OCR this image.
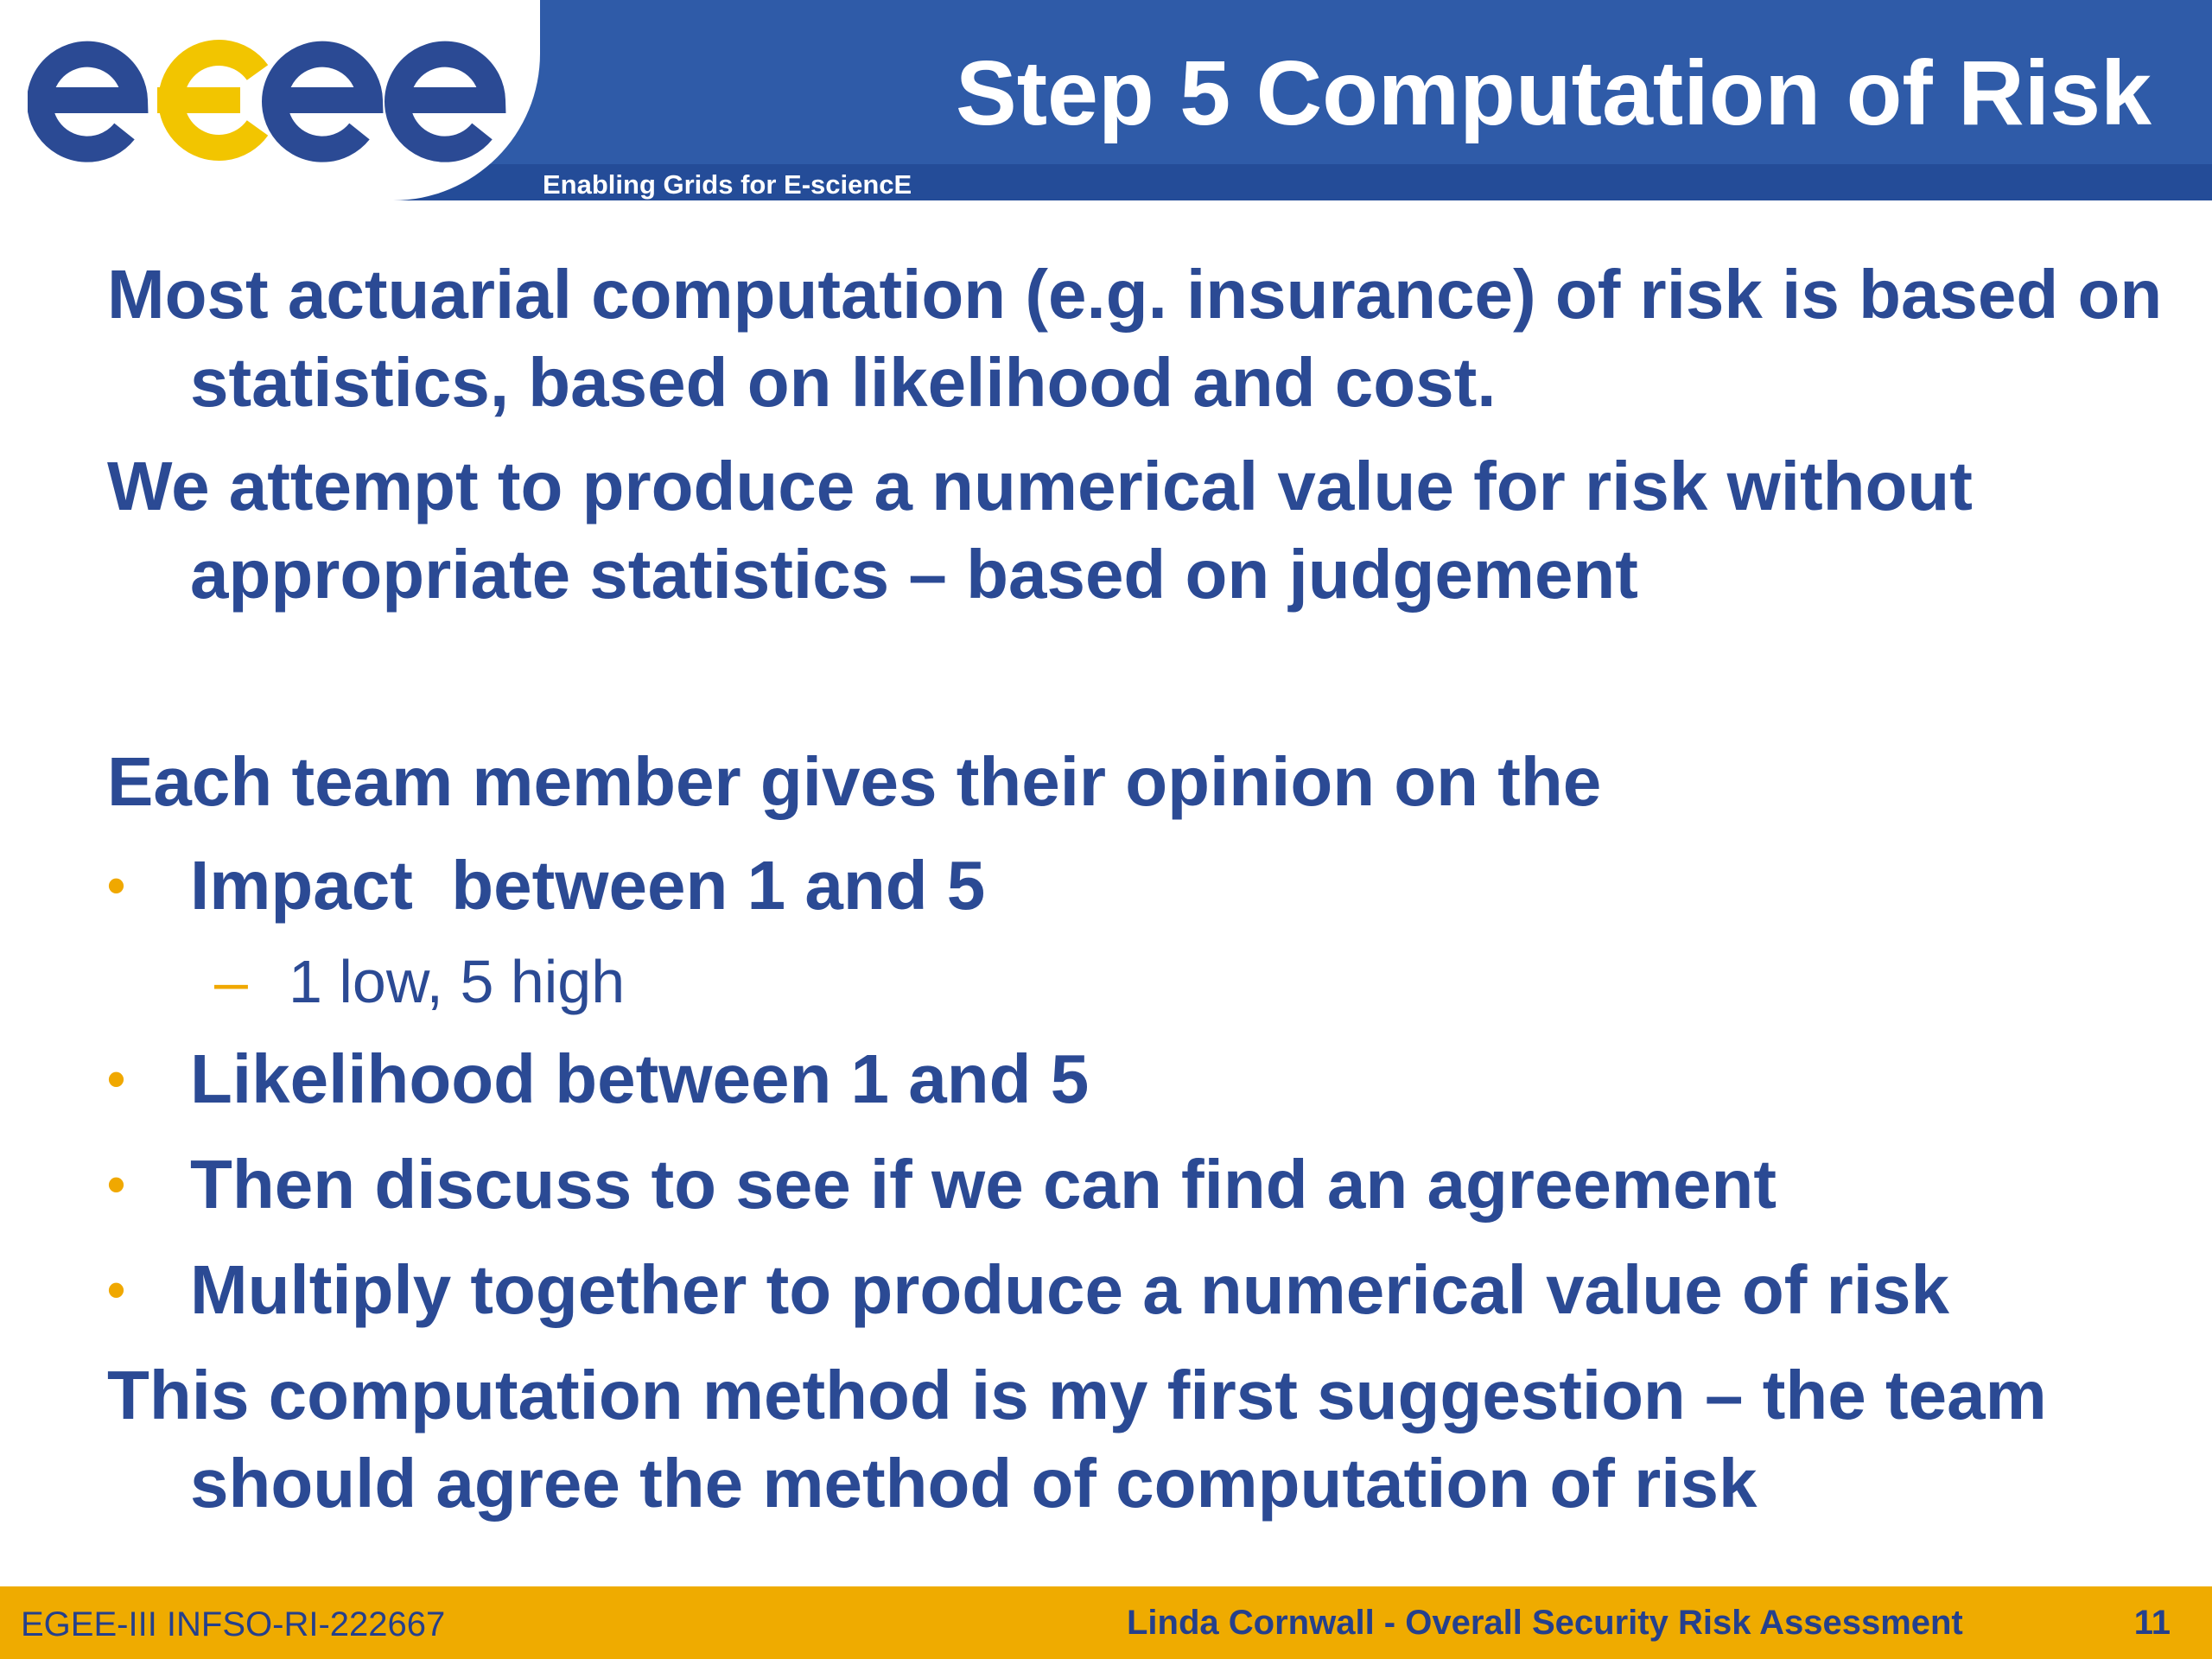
Enabling Grids for E-sciencE
Step 5 Computation of Risk

Most actuarial computation (e.g. insurance) of risk is based on statistics, based on likelihood and cost.

We attempt to produce a numerical value for risk without appropriate statistics – based on judgement

Each team member gives their opinion on the

• Impact  between 1 and 5
– 1 low, 5 high
• Likelihood between 1 and 5
• Then discuss to see if we can find an agreement
• Multiply together to produce a numerical value of risk

This computation method is my first suggestion – the team should agree the method of computation of risk

EGEE-III INFSO-RI-222667	Linda Cornwall - Overall Security Risk Assessment	11
